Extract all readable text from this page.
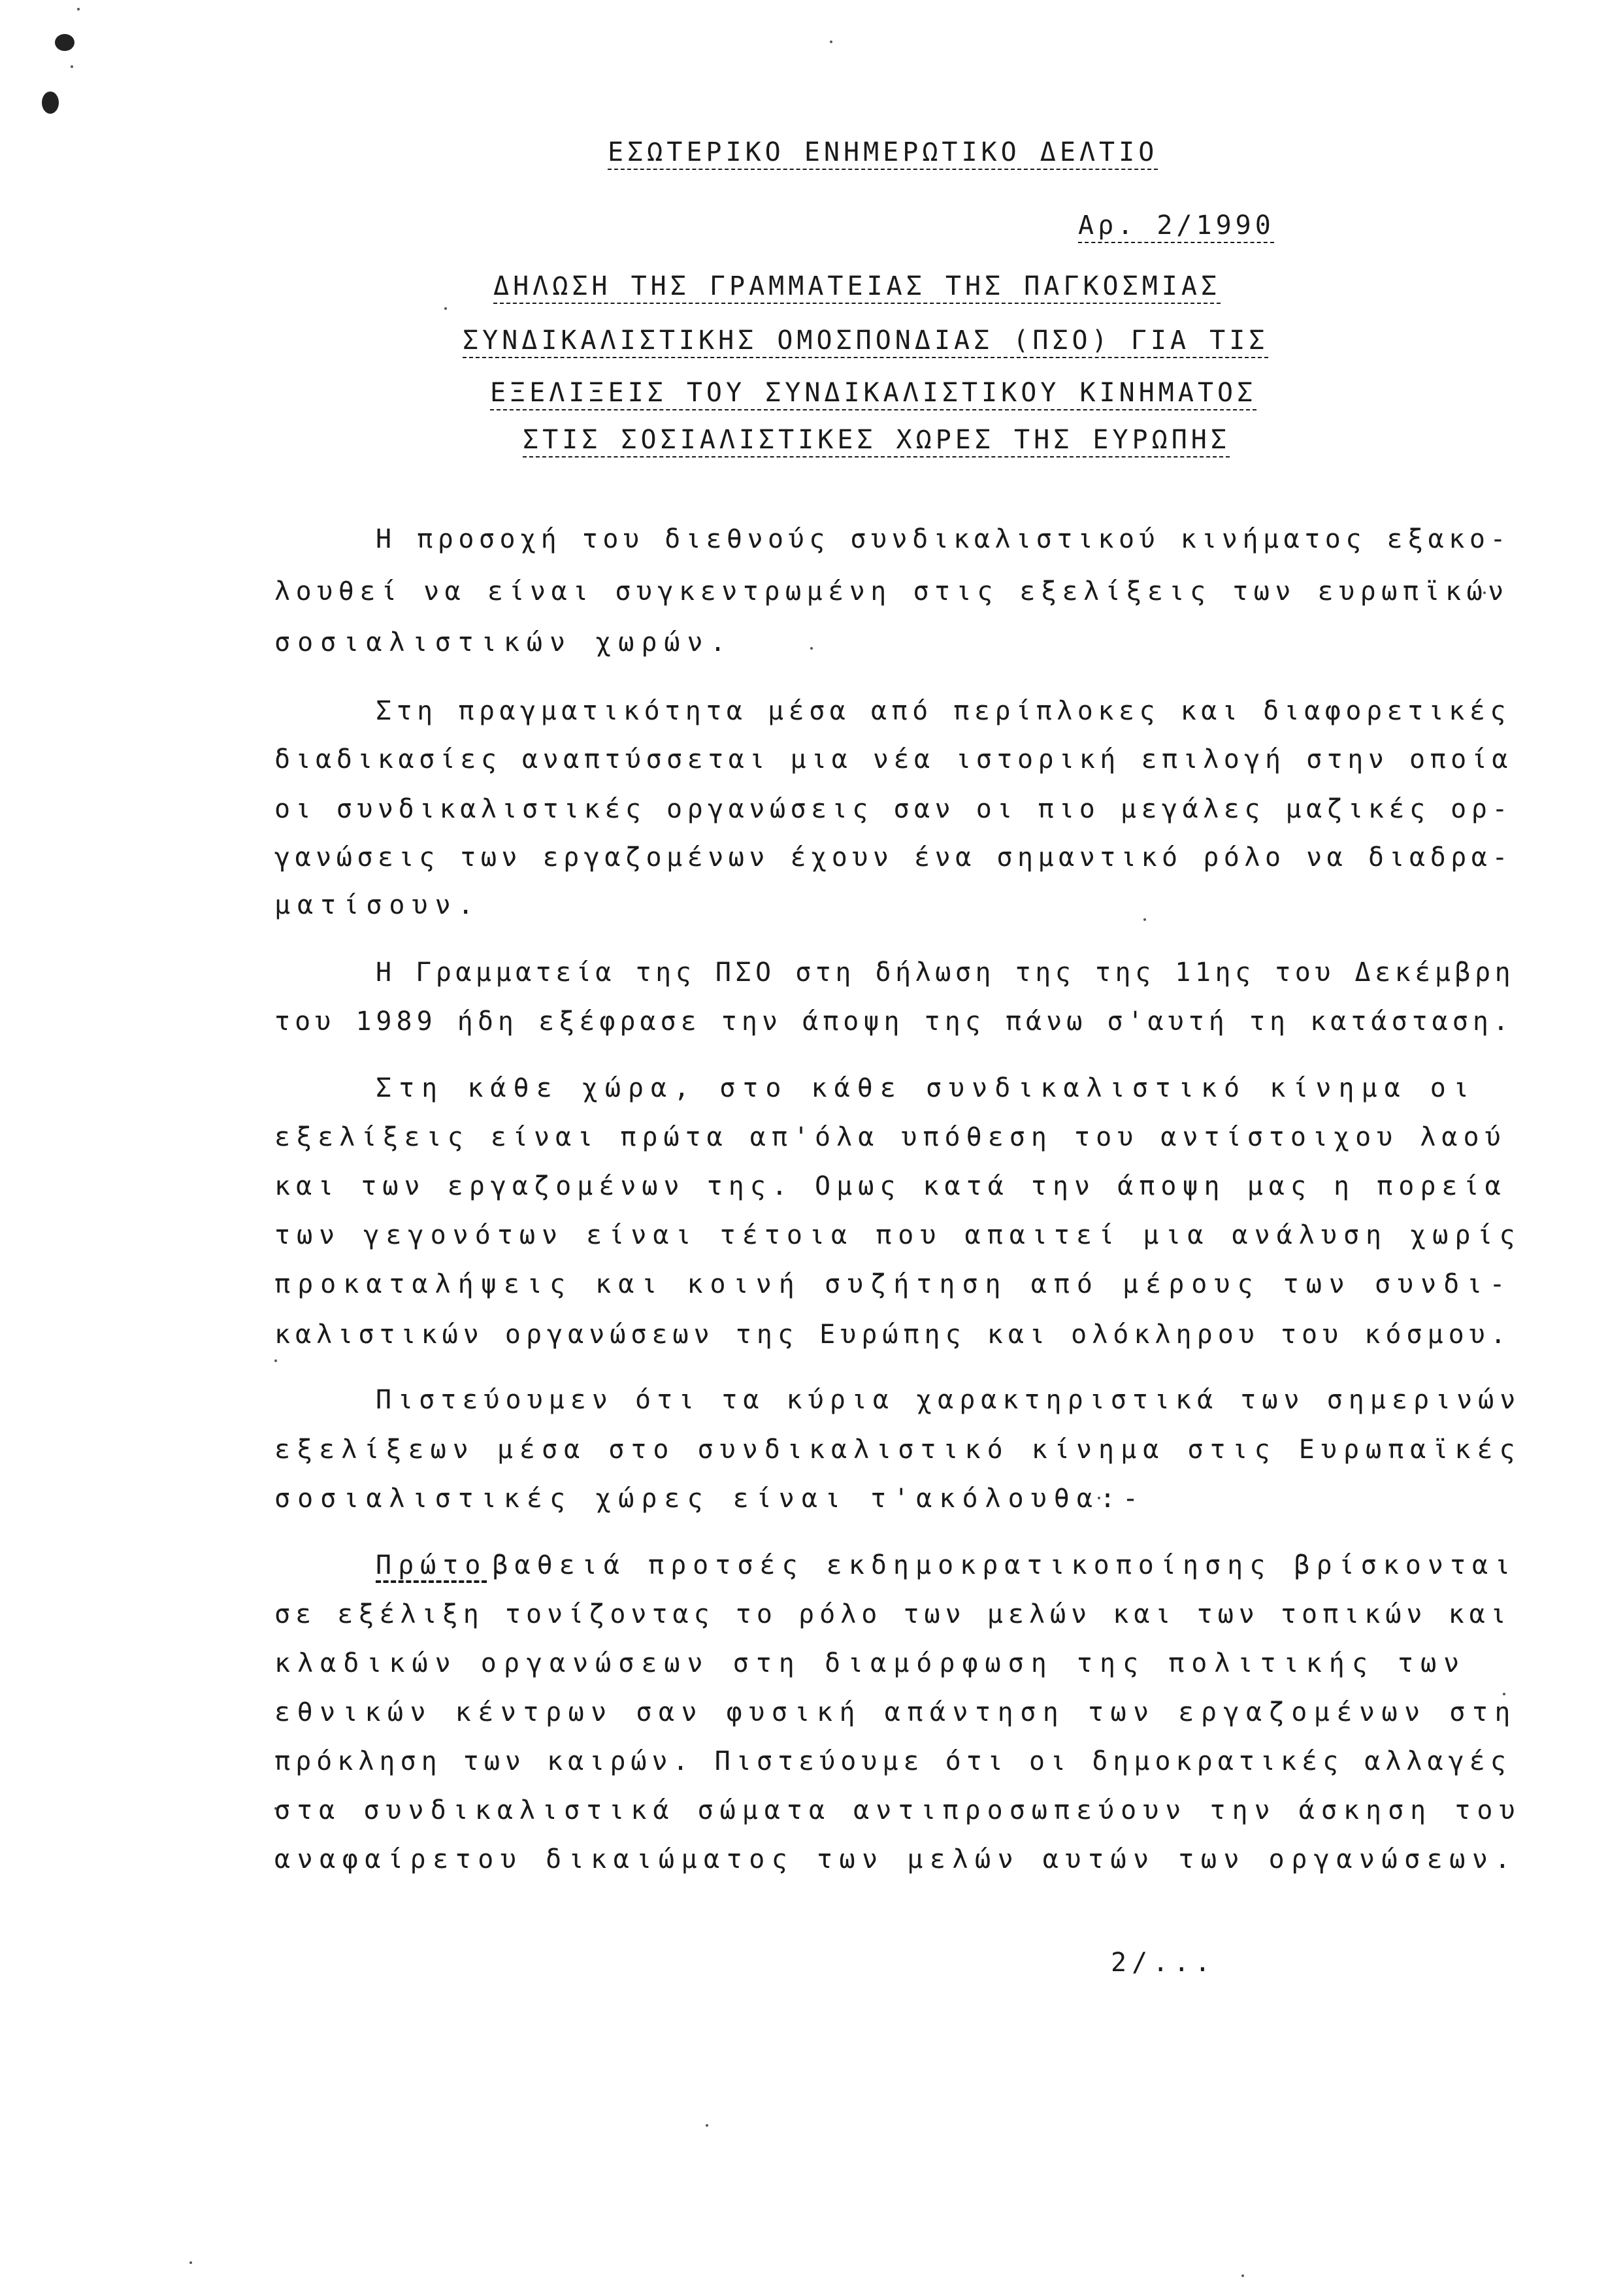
ΕΣΩΤΕΡΙΚΟ ΕΝΗΜΕΡΩΤΙΚΟ ΔΕΛΤΙΟ
Αρ. 2/1990
ΔΗΛΩΣΗ ΤΗΣ ΓΡΑΜΜΑΤΕΙΑΣ ΤΗΣ ΠΑΓΚΟΣΜΙΑΣ
ΣΥΝΔΙΚΑΛΙΣΤΙΚΗΣ ΟΜΟΣΠΟΝΔΙΑΣ (ΠΣΟ) ΓΙΑ ΤΙΣ
ΕΞΕΛΙΞΕΙΣ ΤΟΥ ΣΥΝΔΙΚΑΛΙΣΤΙΚΟΥ ΚΙΝΗΜΑΤΟΣ
ΣΤΙΣ ΣΟΣΙΑΛΙΣΤΙΚΕΣ ΧΩΡΕΣ ΤΗΣ ΕΥΡΩΠΗΣ
Η προσοχή του διεθνούς συνδικαλιστικού κινήματος εξακο-
λουθεί να είναι συγκεντρωμένη στις εξελίξεις των ευρωπϊκών
σοσιαλιστικών χωρών.
Στη πραγματικότητα μέσα από περίπλοκες και διαφορετικές
διαδικασίες αναπτύσσεται μια νέα ιστορική επιλογή στην οποία
οι συνδικαλιστικές οργανώσεις σαν οι πιο μεγάλες μαζικές ορ-
γανώσεις των εργαζομένων έχουν ένα σημαντικό ρόλο να διαδρα-
ματίσουν.
Η Γραμματεία της ΠΣΟ στη δήλωση της της 11ης του Δεκέμβρη
του 1989 ήδη εξέφρασε την άποψη της πάνω σ'αυτή τη κατάσταση.
Στη κάθε χώρα, στο κάθε συνδικαλιστικό κίνημα οι
εξελίξεις είναι πρώτα απ'όλα υπόθεση του αντίστοιχου λαού
και των εργαζομένων της. Ομως κατά την άποψη μας η πορεία
των γεγονότων είναι τέτοια που απαιτεί μια ανάλυση χωρίς
προκαταλήψεις και κοινή συζήτηση από μέρους των συνδι-
καλιστικών οργανώσεων της Ευρώπης και ολόκληρου του κόσμου.
Πιστεύουμεν ότι τα κύρια χαρακτηριστικά των σημερινών
εξελίξεων μέσα στο συνδικαλιστικό κίνημα στις Ευρωπαϊκές
σοσιαλιστικές χώρες είναι τ'ακόλουθα:-
Πρώτο βαθειά προτσές εκδημοκρατικοποίησης βρίσκονται
σε εξέλιξη τονίζοντας το ρόλο των μελών και των τοπικών και
κλαδικών οργανώσεων στη διαμόρφωση της πολιτικής των
εθνικών κέντρων σαν φυσική απάντηση των εργαζομένων στη
πρόκληση των καιρών. Πιστεύουμε ότι οι δημοκρατικές αλλαγές
στα συνδικαλιστικά σώματα αντιπροσωπεύουν την άσκηση του
αναφαίρετου δικαιώματος των μελών αυτών των οργανώσεων.
2/...
